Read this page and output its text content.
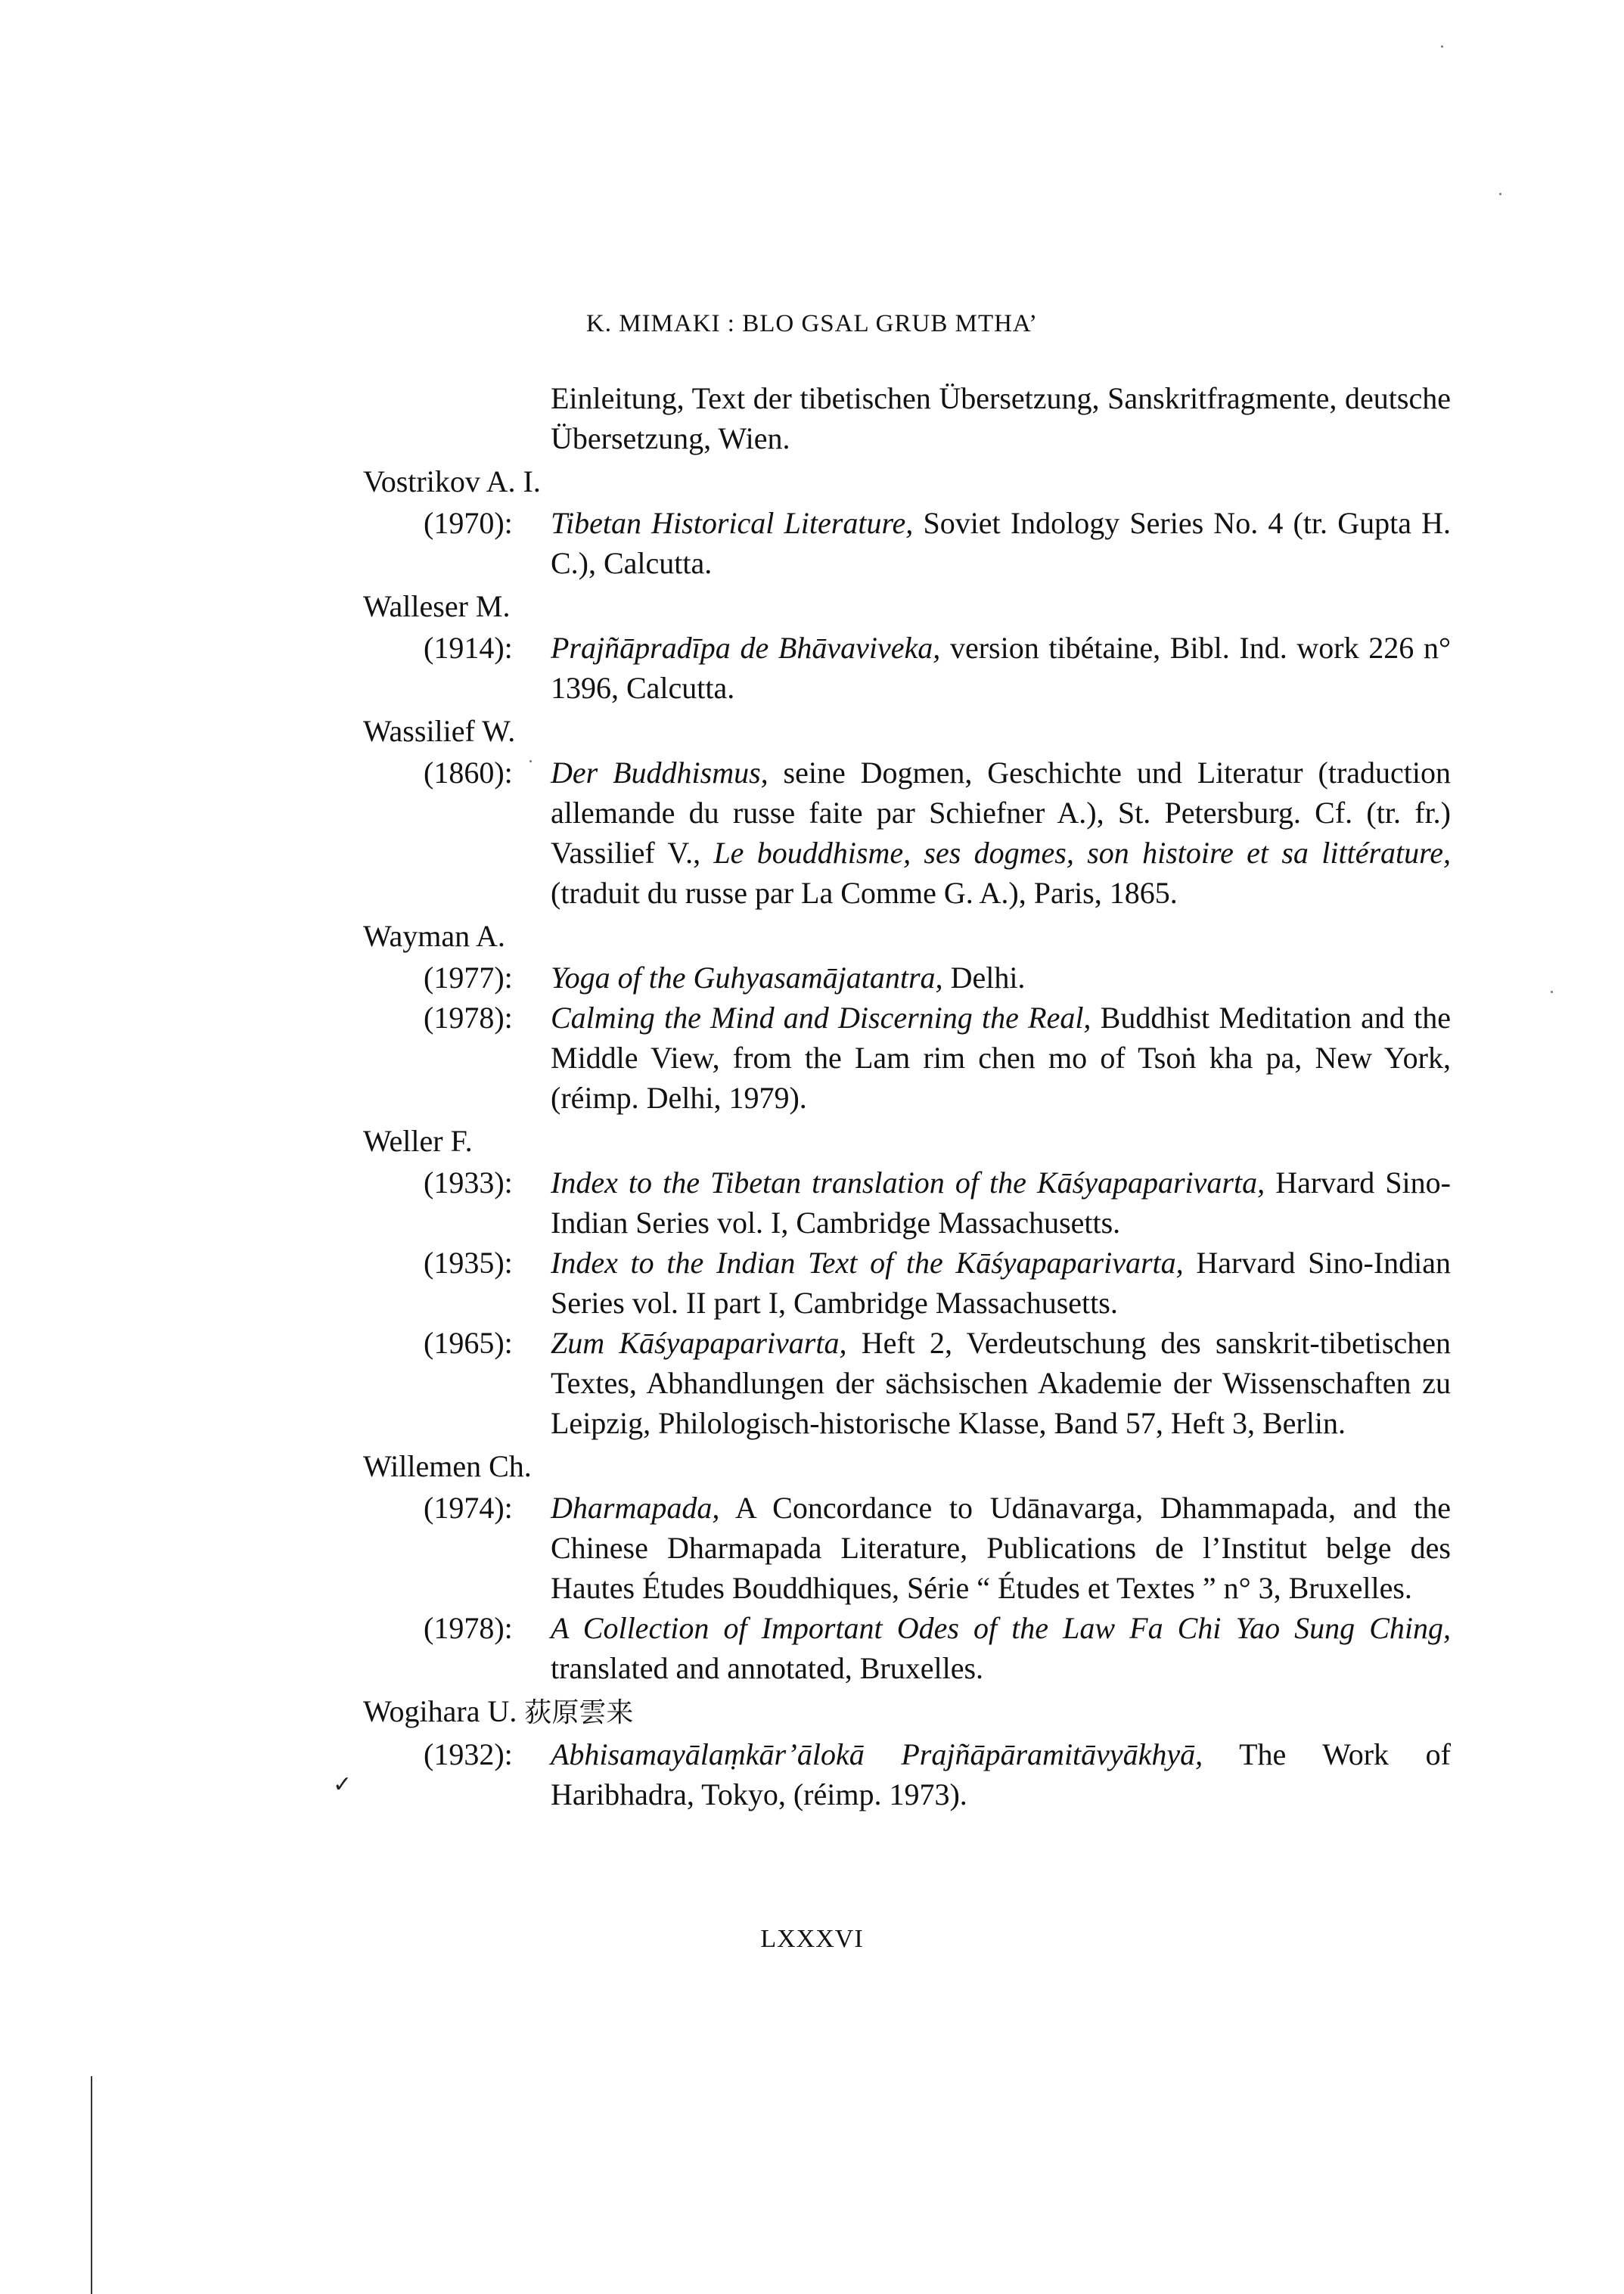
K. MIMAKI : BLO GSAL GRUB MTHA’
Einleitung, Text der tibetischen Übersetzung, Sanskritfragmente, deutsche Übersetzung, Wien.
Vostrikov A. I.
(1970): Tibetan Historical Literature, Soviet Indology Series No. 4 (tr. Gupta H. C.), Calcutta.
Walleser M.
(1914): Prajñāpradīpa de Bhāvaviveka, version tibétaine, Bibl. Ind. work 226 n° 1396, Calcutta.
Wassilief W.
(1860): Der Buddhismus, seine Dogmen, Geschichte und Literatur (traduction allemande du russe faite par Schiefner A.), St. Petersburg. Cf. (tr. fr.) Vassilief V., Le bouddhisme, ses dogmes, son histoire et sa littérature, (traduit du russe par La Comme G. A.), Paris, 1865.
Wayman A.
(1977): Yoga of the Guhyasamājatantra, Delhi.
(1978): Calming the Mind and Discerning the Real, Buddhist Meditation and the Middle View, from the Lam rim chen mo of Tsoṅ kha pa, New York, (réimp. Delhi, 1979).
Weller F.
(1933): Index to the Tibetan translation of the Kāśyapaparivarta, Harvard Sino-Indian Series vol. I, Cambridge Massachusetts.
(1935): Index to the Indian Text of the Kāśyapaparivarta, Harvard Sino-Indian Series vol. II part I, Cambridge Massachusetts.
(1965): Zum Kāśyapaparivarta, Heft 2, Verdeutschung des sanskrit-tibetischen Textes, Abhandlungen der sächsischen Akademie der Wissenschaften zu Leipzig, Philologisch-historische Klasse, Band 57, Heft 3, Berlin.
Willemen Ch.
(1974): Dharmapada, A Concordance to Udānavarga, Dhammapada, and the Chinese Dharmapada Literature, Publications de l’Institut belge des Hautes Études Bouddhiques, Série “ Études et Textes ” n° 3, Bruxelles.
(1978): A Collection of Important Odes of the Law Fa Chi Yao Sung Ching, translated and annotated, Bruxelles.
Wogihara U. 荻原雲来
(1932): Abhisamayālaṃkār’ālokā Prajñāpāramitāvyākhyā, The Work of Haribhadra, Tokyo, (réimp. 1973).
✓
LXXXVI
